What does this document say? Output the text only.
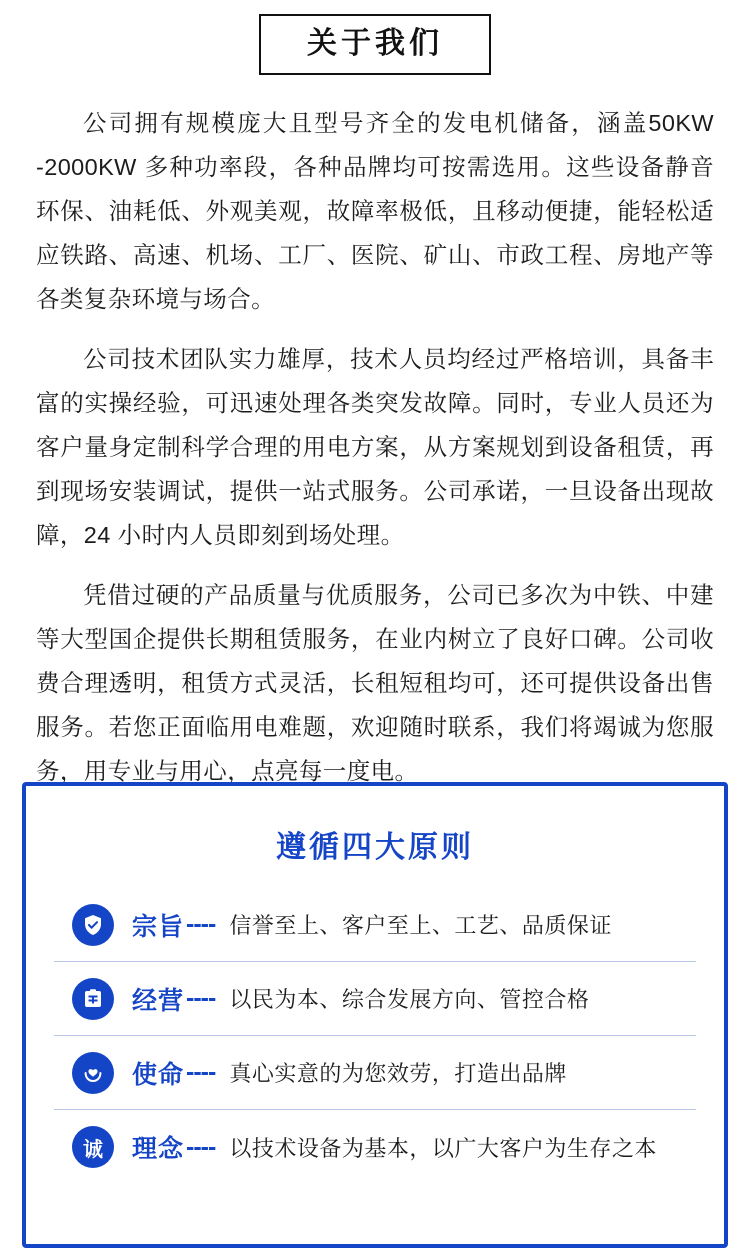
关于我们

公司拥有规模庞大且型号齐全的发电机储备，涵盖50KW -2000KW 多种功率段，各种品牌均可按需选用。这些设备静音环保、油耗低、外观美观，故障率极低，且移动便捷，能轻松适应铁路、高速、机场、工厂、医院、矿山、市政工程、房地产等各类复杂环境与场合。

公司技术团队实力雄厚，技术人员均经过严格培训，具备丰富的实操经验，可迅速处理各类突发故障。同时，专业人员还为客户量身定制科学合理的用电方案，从方案规划到设备租赁，再到现场安装调试，提供一站式服务。公司承诺，一旦设备出现故障，24 小时内人员即刻到场处理。

凭借过硬的产品质量与优质服务，公司已多次为中铁、中建等大型国企提供长期租赁服务，在业内树立了良好口碑。公司收费合理透明，租赁方式灵活，长租短租均可，还可提供设备出售服务。若您正面临用电难题，欢迎随时联系，我们将竭诚为您服务，用专业与用心，点亮每一度电。

遵循四大原则
宗旨 ---- 信誉至上、客户至上、工艺、品质保证
经营 ---- 以民为本、综合发展方向、管控合格
使命 ---- 真心实意的为您效劳，打造出品牌
诚	理念 ---- 以技术设备为基本，以广大客户为生存之本
